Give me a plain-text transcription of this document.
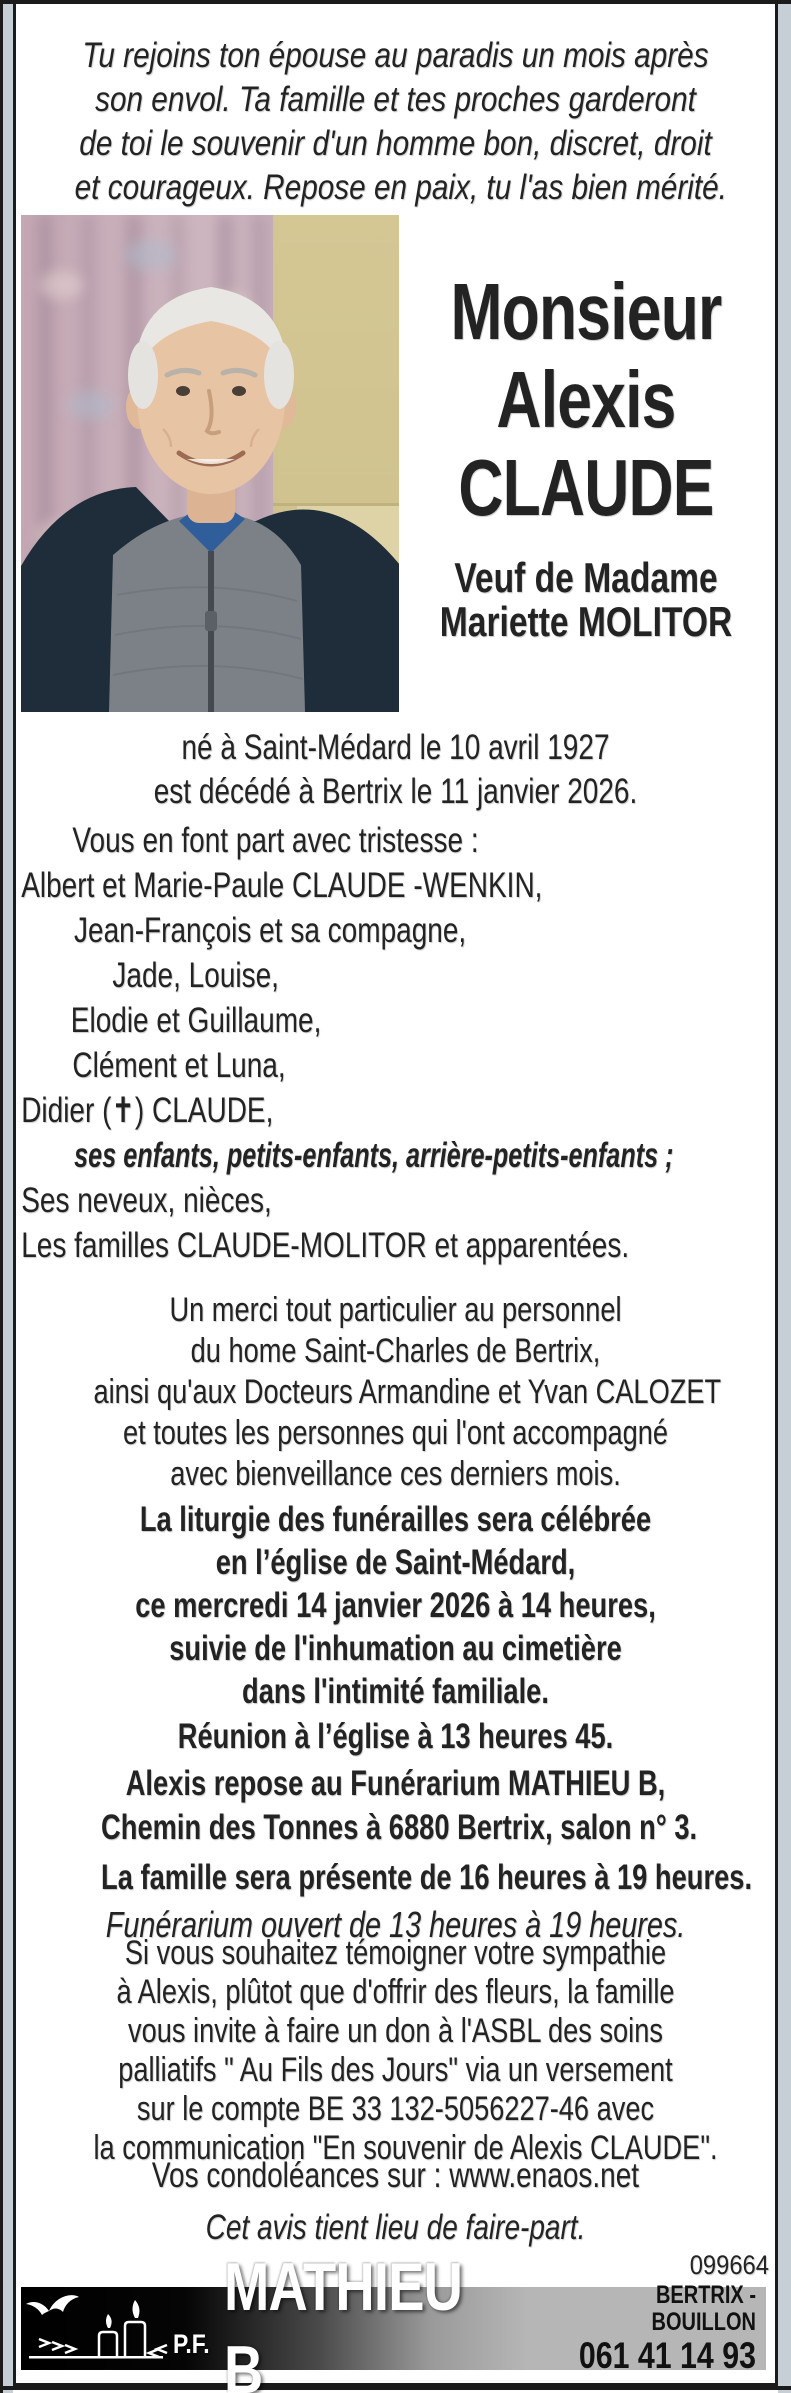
Tu rejoins ton épouse au paradis un mois après
son envol. Ta famille et tes proches garderont
de toi le souvenir d'un homme bon, discret, droit
et courageux. Repose en paix, tu l'as bien mérité.
Monsieur
Alexis
CLAUDE
Veuf de Madame
Mariette MOLITOR
né à Saint-Médard le 10 avril 1927
est décédé à Bertrix le 11 janvier 2026.
Vous en font part avec tristesse :
Albert et Marie-Paule CLAUDE -WENKIN,
Jean-François et sa compagne,
Jade, Louise,
Elodie et Guillaume,
Clément et Luna,
Didier (✝) CLAUDE,
ses enfants, petits-enfants, arrière-petits-enfants ;
Ses neveux, nièces,
Les familles CLAUDE-MOLITOR et apparentées.
Un merci tout particulier au personnel
du home Saint-Charles de Bertrix,
ainsi qu'aux Docteurs Armandine et Yvan CALOZET
et toutes les personnes qui l'ont accompagné
avec bienveillance ces derniers mois.
La liturgie des funérailles sera célébrée
en l’église de Saint-Médard,
ce mercredi 14 janvier 2026 à 14 heures,
suivie de l'inhumation au cimetière
dans l'intimité familiale.
Réunion à l’église à 13 heures 45.
Alexis repose au Funérarium MATHIEU B,
Chemin des Tonnes à 6880 Bertrix, salon n° 3.
La famille sera présente de 16 heures à 19 heures.
Funérarium ouvert de 13 heures à 19 heures.
Si vous souhaitez témoigner votre sympathie
à Alexis, plûtot que d'offrir des fleurs, la famille
vous invite à faire un don à l'ASBL des soins
palliatifs " Au Fils des Jours" via un versement
sur le compte BE 33 132-5056227-46 avec
la communication "En souvenir de Alexis CLAUDE".
Vos condoléances sur : www.enaos.net
Cet avis tient lieu de faire-part.
099664
P.F.
MATHIEU B
BERTRIX - BOUILLON
061 41 14 93
